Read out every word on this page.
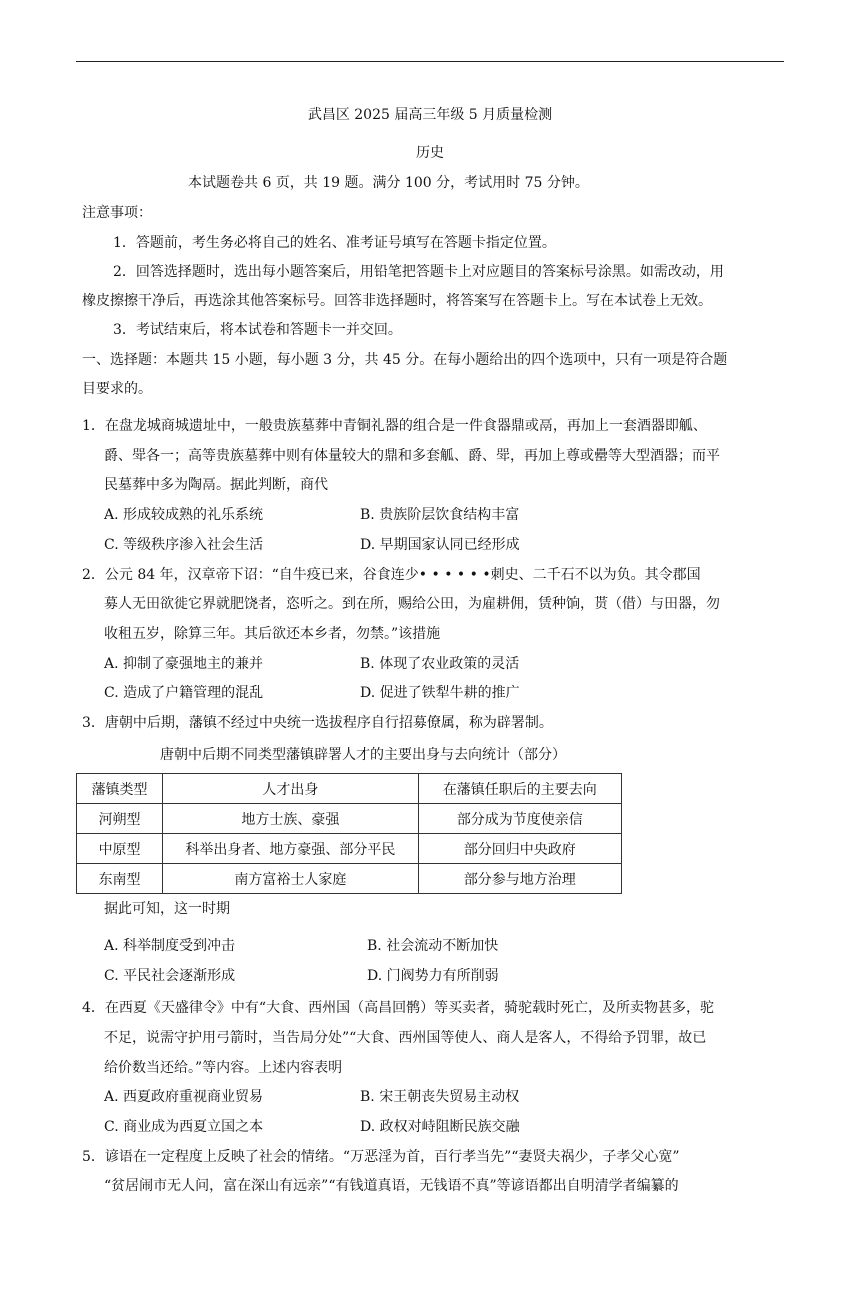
武昌区 2025 届高三年级 5 月质量检测
历史
本试题卷共 6 页，共 19 题。满分 100 分，考试用时 75 分钟。
注意事项：
1．答题前，考生务必将自己的姓名、准考证号填写在答题卡指定位置。
2．回答选择题时，选出每小题答案后，用铅笔把答题卡上对应题目的答案标号涂黑。如需改动，用
橡皮擦擦干净后，再选涂其他答案标号。回答非选择题时，将答案写在答题卡上。写在本试卷上无效。
3．考试结束后，将本试卷和答题卡一并交回。
一、选择题：本题共 15 小题，每小题 3 分，共 45 分。在每小题给出的四个选项中，只有一项是符合题
目要求的。
1．在盘龙城商城遗址中，一般贵族墓葬中青铜礼器的组合是一件食器鼎或鬲，再加上一套酒器即觚、
爵、斝各一；高等贵族墓葬中则有体量较大的鼎和多套觚、爵、斝，再加上尊或罍等大型酒器；而平
民墓葬中多为陶鬲。据此判断，商代
A. 形成较成熟的礼乐系统	B. 贵族阶层饮食结构丰富
C. 等级秩序渗入社会生活	D. 早期国家认同已经形成
2．公元 84 年，汉章帝下诏：“自牛疫已来，谷食连少• • • • • •刺史、二千石不以为负。其令郡国
募人无田欲徙它界就肥饶者，恣听之。到在所，赐给公田，为雇耕佣，赁种饷，贳（借）与田器，勿
收租五岁，除算三年。其后欲还本乡者，勿禁。”该措施
A. 抑制了豪强地主的兼并	B. 体现了农业政策的灵活
C. 造成了户籍管理的混乱	D. 促进了铁犁牛耕的推广
3．唐朝中后期，藩镇不经过中央统一选拔程序自行招募僚属，称为辟署制。
唐朝中后期不同类型藩镇辟署人才的主要出身与去向统计（部分）
藩镇类型	人才出身	在藩镇任职后的主要去向
河朔型	地方士族、豪强	部分成为节度使亲信
中原型	科举出身者、地方豪强、部分平民	部分回归中央政府
东南型	南方富裕士人家庭	部分参与地方治理
据此可知，这一时期
A. 科举制度受到冲击	B. 社会流动不断加快
C. 平民社会逐渐形成	D. 门阀势力有所削弱
4．在西夏《天盛律令》中有“大食、西州国（高昌回鹘）等买卖者，骑驼载时死亡，及所卖物甚多，驼
不足，说需守护用弓箭时，当告局分处”“大食、西州国等使人、商人是客人，不得给予罚罪，故已
给价数当还给。”等内容。上述内容表明
A. 西夏政府重视商业贸易	B. 宋王朝丧失贸易主动权
C. 商业成为西夏立国之本	D. 政权对峙阻断民族交融
5．谚语在一定程度上反映了社会的情绪。“万恶淫为首，百行孝当先”“妻贤夫祸少，子孝父心宽”
“贫居闹市无人问，富在深山有远亲”“有钱道真语，无钱语不真”等谚语都出自明清学者编纂的
